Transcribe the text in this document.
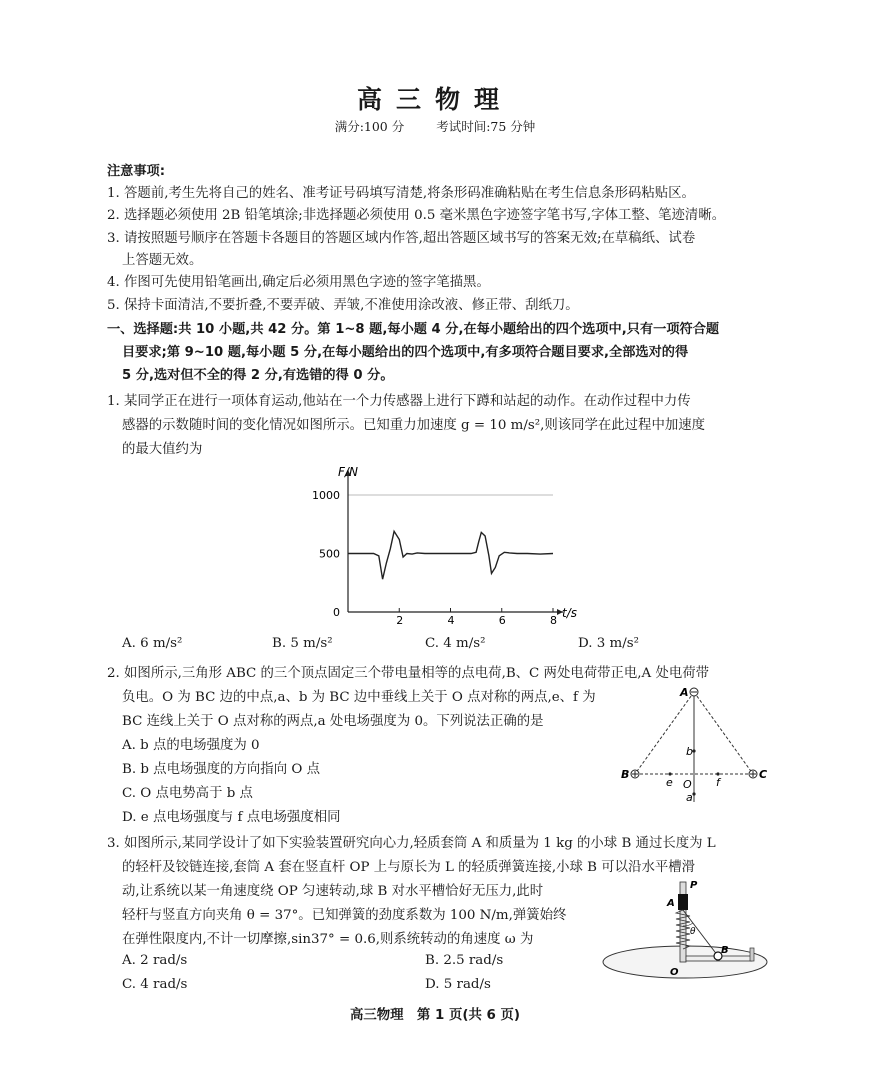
高三物理
满分:100 分	考试时间:75 分钟
注意事项:
1. 答题前,考生先将自己的姓名、准考证号码填写清楚,将条形码准确粘贴在考生信息条形码粘贴区。
2. 选择题必须使用 2B 铅笔填涂;非选择题必须使用 0.5 毫米黑色字迹签字笔书写,字体工整、笔迹清晰。
3. 请按照题号顺序在答题卡各题目的答题区域内作答,超出答题区域书写的答案无效;在草稿纸、试卷
上答题无效。
4. 作图可先使用铅笔画出,确定后必须用黑色字迹的签字笔描黑。
5. 保持卡面清洁,不要折叠,不要弄破、弄皱,不准使用涂改液、修正带、刮纸刀。
一、选择题:共 10 小题,共 42 分。第 1~8 题,每小题 4 分,在每小题给出的四个选项中,只有一项符合题
目要求;第 9~10 题,每小题 5 分,在每小题给出的四个选项中,有多项符合题目要求,全部选对的得
5 分,选对但不全的得 2 分,有选错的得 0 分。
1. 某同学正在进行一项体育运动,他站在一个力传感器上进行下蹲和站起的动作。在动作过程中力传
感器的示数随时间的变化情况如图所示。已知重力加速度 g = 10 m/s²,则该同学在此过程中加速度
的最大值约为
2	4	6	8
1000
500
0
F/N
t/s
A. 6 m/s²	B. 5 m/s²	C. 4 m/s²	D. 3 m/s²
2. 如图所示,三角形 ABC 的三个顶点固定三个带电量相等的点电荷,B、C 两处电荷带正电,A 处电荷带
负电。O 为 BC 边的中点,a、b 为 BC 边中垂线上关于 O 点对称的两点,e、f 为
BC 连线上关于 O 点对称的两点,a 处电场强度为 0。下列说法正确的是
A. b 点的电场强度为 0
B. b 点电场强度的方向指向 O 点
C. O 点电势高于 b 点
D. e 点电场强度与 f 点电场强度相同
A
B	C
b
O
a
e	f
3. 如图所示,某同学设计了如下实验装置研究向心力,轻质套筒 A 和质量为 1 kg 的小球 B 通过长度为 L
的轻杆及铰链连接,套筒 A 套在竖直杆 OP 上与原长为 L 的轻质弹簧连接,小球 B 可以沿水平槽滑
动,让系统以某一角速度绕 OP 匀速转动,球 B 对水平槽恰好无压力,此时
轻杆与竖直方向夹角 θ = 37°。已知弹簧的劲度系数为 100 N/m,弹簧始终
在弹性限度内,不计一切摩擦,sin37° = 0.6,则系统转动的角速度 ω 为
A. 2 rad/s	B. 2.5 rad/s
C. 4 rad/s	D. 5 rad/s
P
A
θ
B
O
高三物理　第 1 页(共 6 页)
